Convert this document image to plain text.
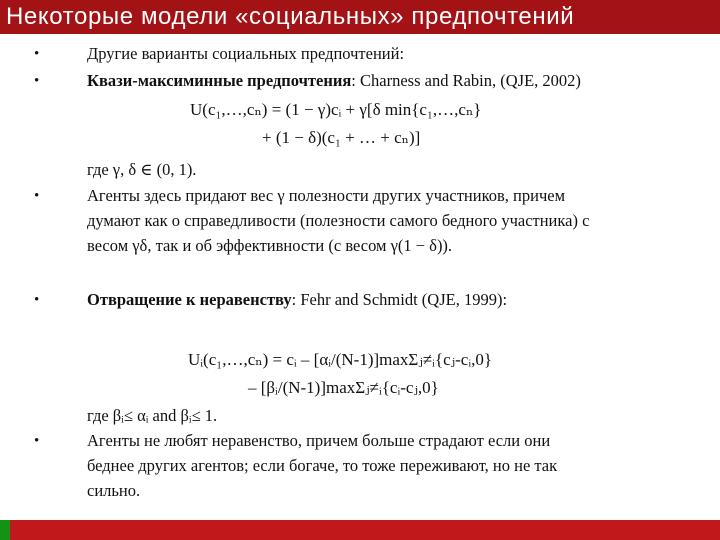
Некоторые модели «социальных» предпочтений
•	Другие варианты социальных предпочтений:
•	Квази-максиминные предпочтения: Charness and Rabin, (QJE, 2002)
U(c₁,…,cₙ) = (1 − γ)cᵢ + γ[δ min{c₁,…,cₙ}
+ (1 − δ)(c₁ + … + cₙ)]
где γ, δ ∈ (0, 1).
•	Агенты здесь придают вес γ полезности других участников, причем
думают как о справедливости (полезности самого бедного участника) с
весом γδ, так и об эффективности (с весом γ(1 − δ)).
•	Отвращение к неравенству: Fehr and Schmidt (QJE, 1999):
Uᵢ(c₁,…,cₙ) = cᵢ – [αᵢ/(N-1)]maxΣⱼ≠ᵢ{cⱼ-cᵢ,0}
– [βᵢ/(N-1)]maxΣⱼ≠ᵢ{cᵢ-cⱼ,0}
где βᵢ≤ αᵢ and βᵢ≤ 1.
•	Агенты не любят неравенство, причем больше страдают если они
беднее других агентов; если богаче, то тоже переживают, но не так
сильно.
